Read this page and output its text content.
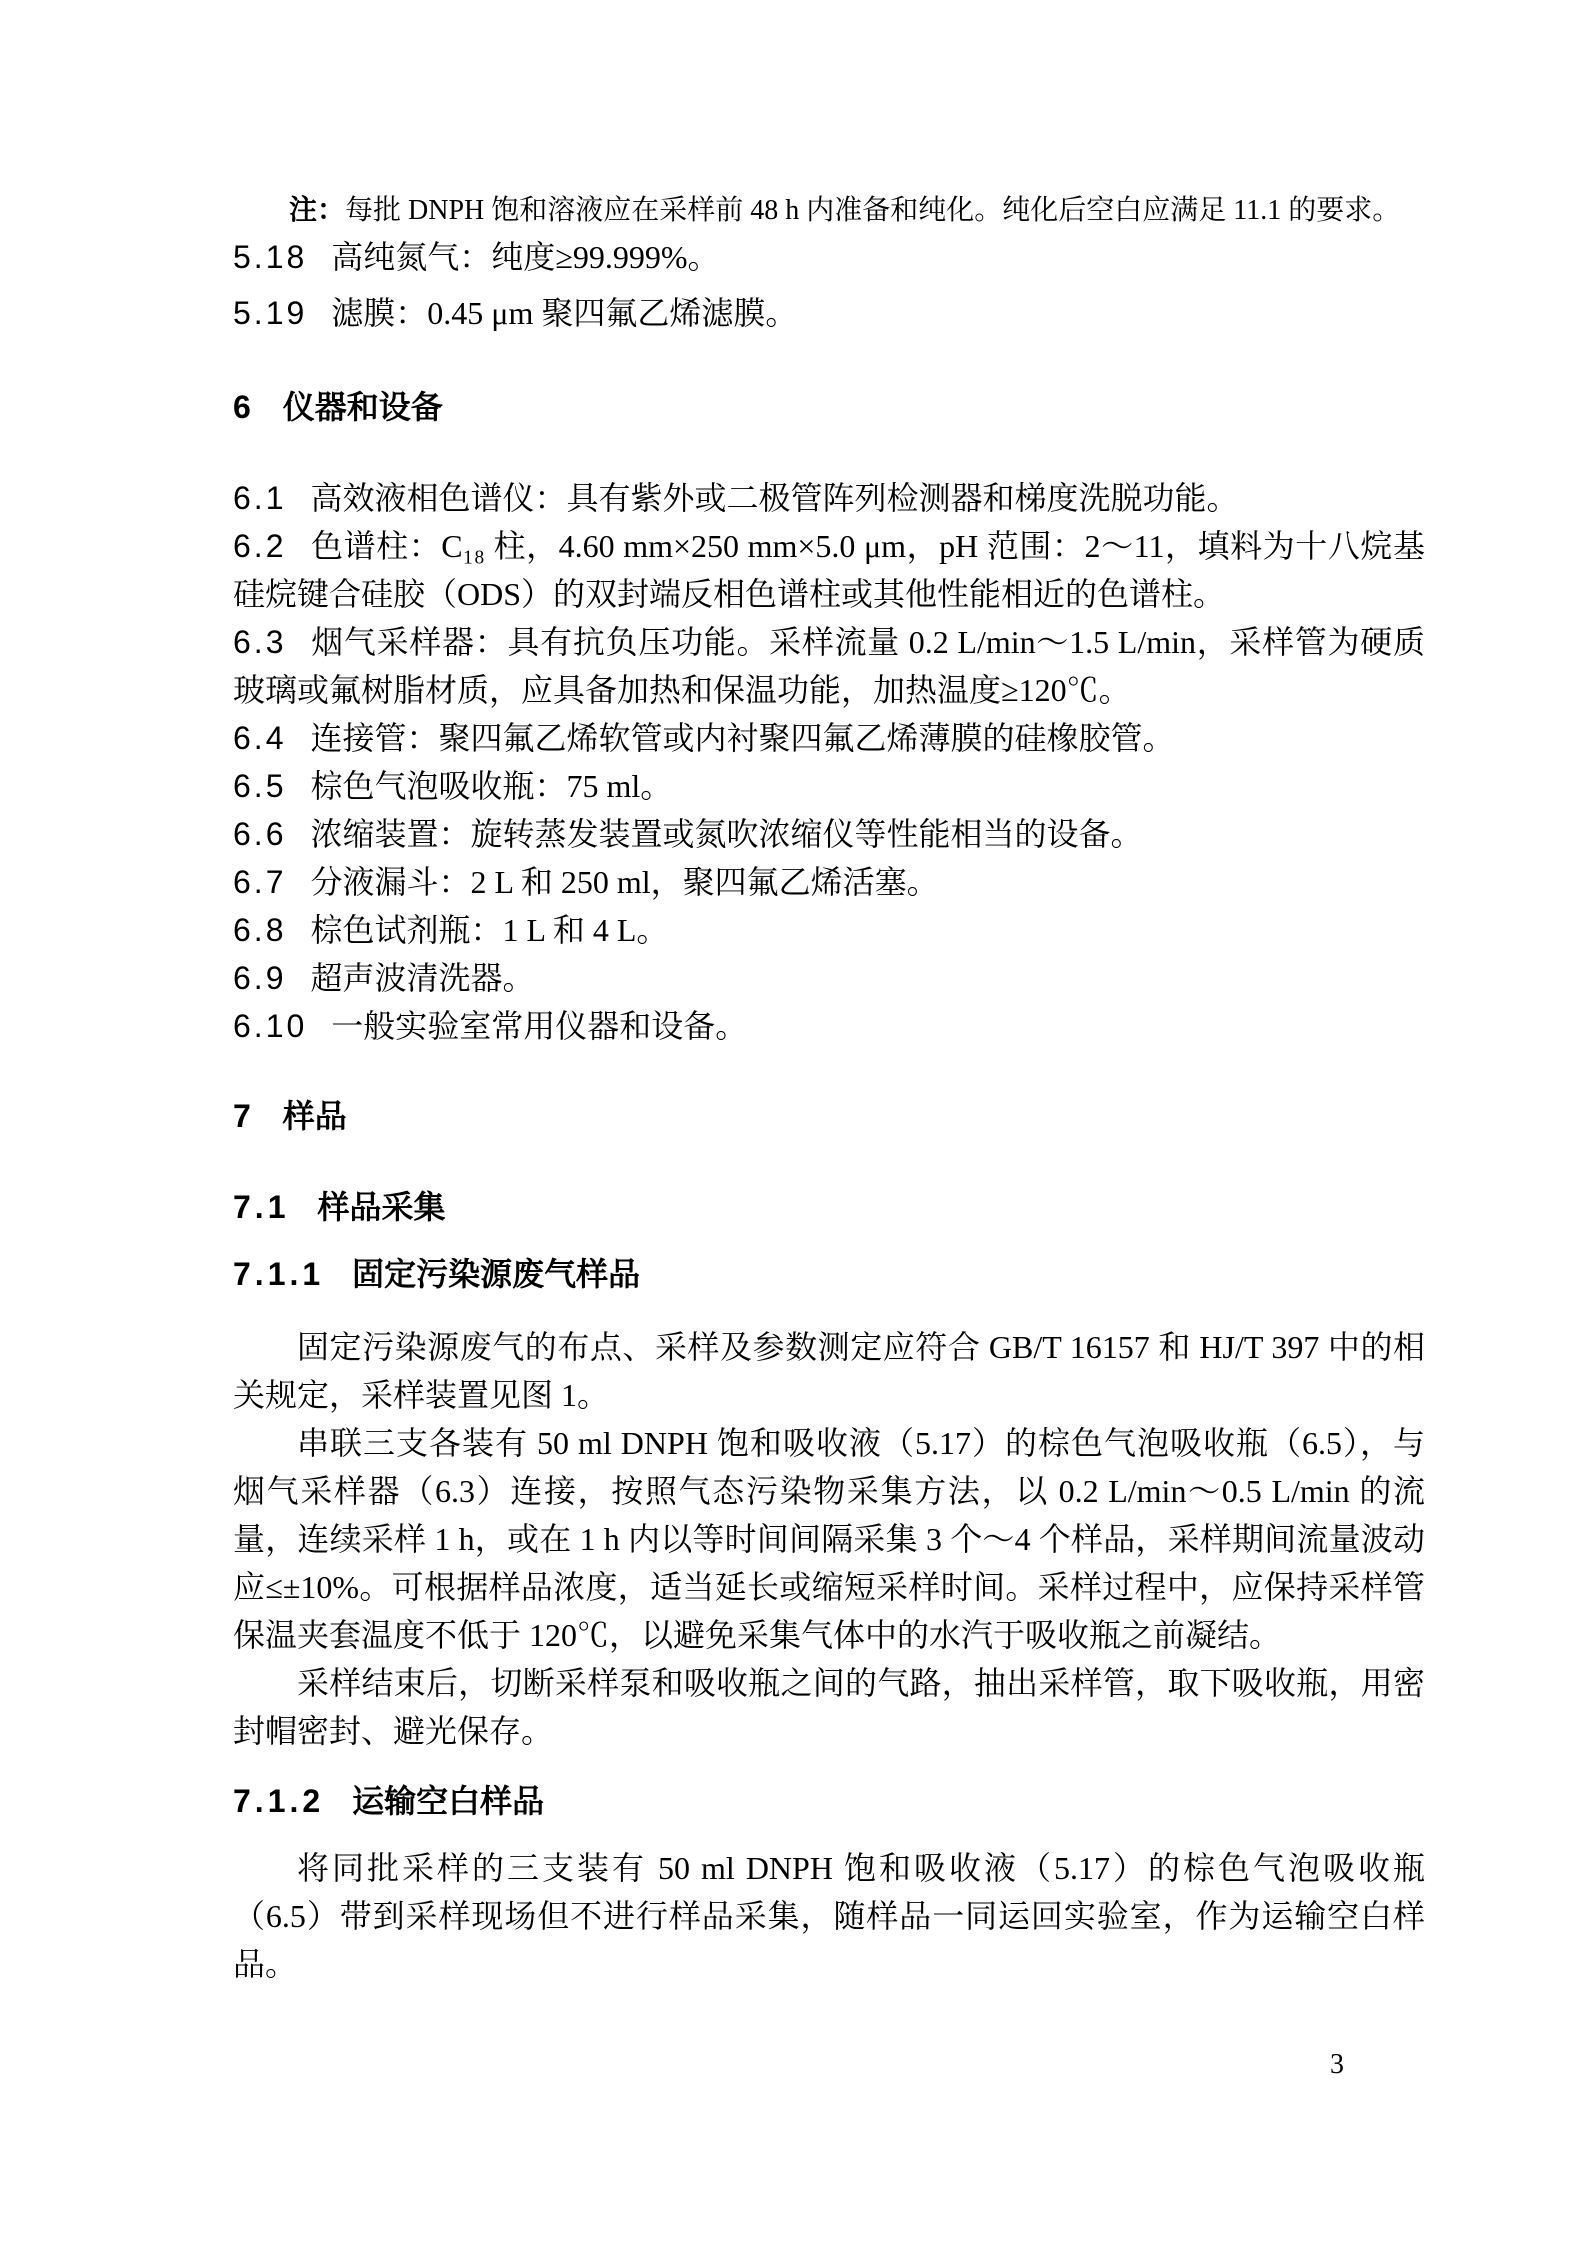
注：每批 DNPH 饱和溶液应在采样前 48 h 内准备和纯化。纯化后空白应满足 11.1 的要求。

5.18 高纯氮气：纯度≥99.999%。

5.19 滤膜：0.45 μm 聚四氟乙烯滤膜。

6 仪器和设备

6.1 高效液相色谱仪：具有紫外或二极管阵列检测器和梯度洗脱功能。

6.2 色谱柱：C₁₈ 柱，4.60 mm×250 mm×5.0 μm，pH 范围：2～11，填料为十八烷基硅烷键合硅胶（ODS）的双封端反相色谱柱或其他性能相近的色谱柱。

6.3 烟气采样器：具有抗负压功能。采样流量 0.2 L/min～1.5 L/min，采样管为硬质玻璃或氟树脂材质，应具备加热和保温功能，加热温度≥120℃。

6.4 连接管：聚四氟乙烯软管或内衬聚四氟乙烯薄膜的硅橡胶管。

6.5 棕色气泡吸收瓶：75 ml。

6.6 浓缩装置：旋转蒸发装置或氮吹浓缩仪等性能相当的设备。

6.7 分液漏斗：2 L 和 250 ml，聚四氟乙烯活塞。

6.8 棕色试剂瓶：1 L 和 4 L。

6.9 超声波清洗器。

6.10 一般实验室常用仪器和设备。

7 样品

7.1 样品采集

7.1.1 固定污染源废气样品

固定污染源废气的布点、采样及参数测定应符合 GB/T 16157 和 HJ/T 397 中的相关规定，采样装置见图 1。

串联三支各装有 50 ml DNPH 饱和吸收液（5.17）的棕色气泡吸收瓶（6.5），与烟气采样器（6.3）连接，按照气态污染物采集方法，以 0.2 L/min～0.5 L/min 的流量，连续采样 1 h，或在 1 h 内以等时间间隔采集 3 个～4 个样品，采样期间流量波动应≤±10%。可根据样品浓度，适当延长或缩短采样时间。采样过程中，应保持采样管保温夹套温度不低于 120℃，以避免采集气体中的水汽于吸收瓶之前凝结。

采样结束后，切断采样泵和吸收瓶之间的气路，抽出采样管，取下吸收瓶，用密封帽密封、避光保存。

7.1.2 运输空白样品

将同批采样的三支装有 50 ml DNPH 饱和吸收液（5.17）的棕色气泡吸收瓶（6.5）带到采样现场但不进行样品采集，随样品一同运回实验室，作为运输空白样品。

3
